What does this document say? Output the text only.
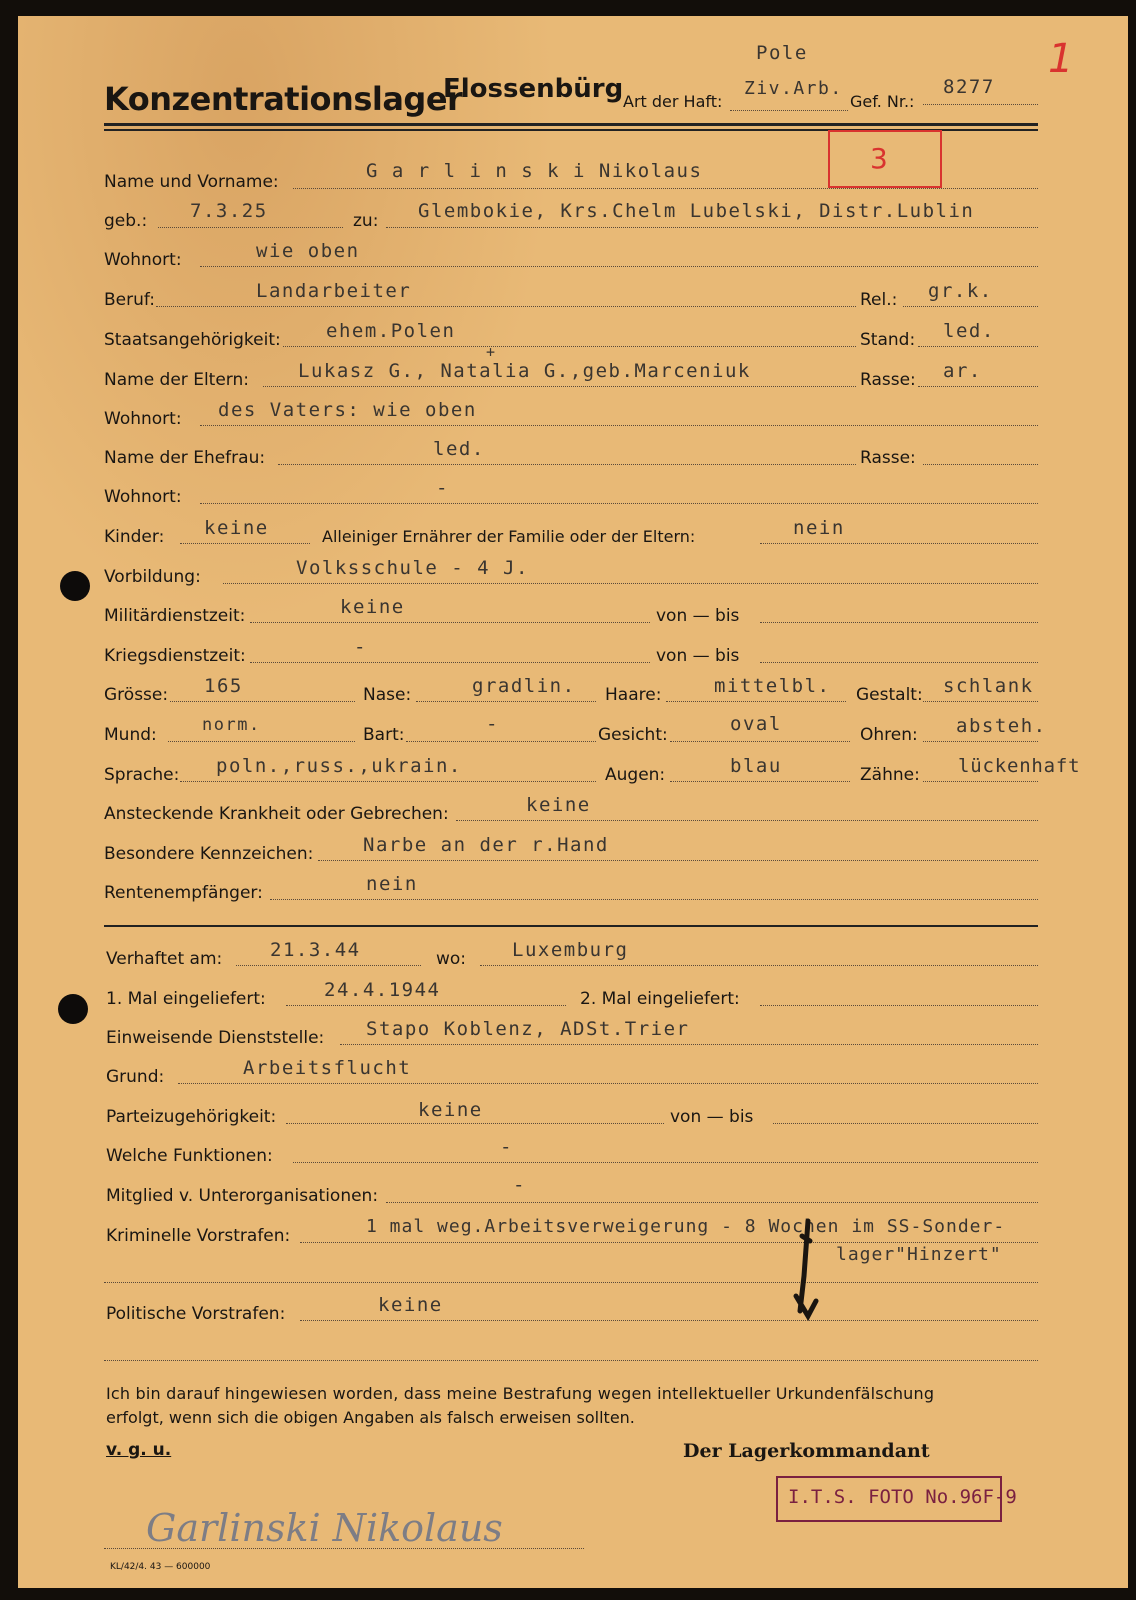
Konzentrationslager
Flossenbürg Art der Haft:
Pole
Ziv.Arb.
Gef. Nr.:
8277
1
3
Name und Vorname:	G a r l i n s k i Nikolaus
geb.: 7.3.25	zu: Glembokie, Krs.Chelm Lubelski, Distr.Lublin
Wohnort:	wie oben
Beruf:	Landarbeiter	Rel.: gr.k.
Staatsangehörigkeit: ehem.Polen	Stand: led.
+
Name der Eltern:	Lukasz G., Natalia G.,geb.Marceniuk	Rasse: ar.
Wohnort: des Vaters: wie oben
Name der Ehefrau:	led.	Rasse:
Wohnort:	-
Kinder: keine	Alleiniger Ernährer der Familie oder der Eltern:	nein
Vorbildung:	Volksschule - 4 J.
Militärdienstzeit:	keine	von — bis
Kriegsdienstzeit:	-	von — bis
Grösse: 165	Nase:	gradlin. Haare:	mittelbl. Gestalt: schlank
Mund:	norm.	Bart:	-	Gesicht:	oval	Ohren: absteh.
Sprache: poln.,russ.,ukrain.	Augen:	blau	Zähne: lückenhaft
Ansteckende Krankheit oder Gebrechen:	keine
Besondere Kennzeichen:	Narbe an der r.Hand
Rentenempfänger:	nein
Verhaftet am:	21.3.44	wo: Luxemburg
1. Mal eingeliefert:	24.4.1944	2. Mal eingeliefert:
Einweisende Dienststelle: Stapo Koblenz, ADSt.Trier
Grund:	Arbeitsflucht
Parteizugehörigkeit:	keine	von — bis
Welche Funktionen:	-
Mitglied v. Unterorganisationen:	-
Kriminelle Vorstrafen:	1 mal weg.Arbeitsverweigerung - 8 Wochen im SS-Sonder-
lager"Hinzert"
Politische Vorstrafen:	keine
Ich bin darauf hingewiesen worden, dass meine Bestrafung wegen intellektueller Urkundenfälschung
erfolgt, wenn sich die obigen Angaben als falsch erweisen sollten.
v. g. u.	Der Lagerkommandant
I.T.S. FOTO No.96F-9
Garlinski Nikolaus
KL/42/4. 43 — 600000
